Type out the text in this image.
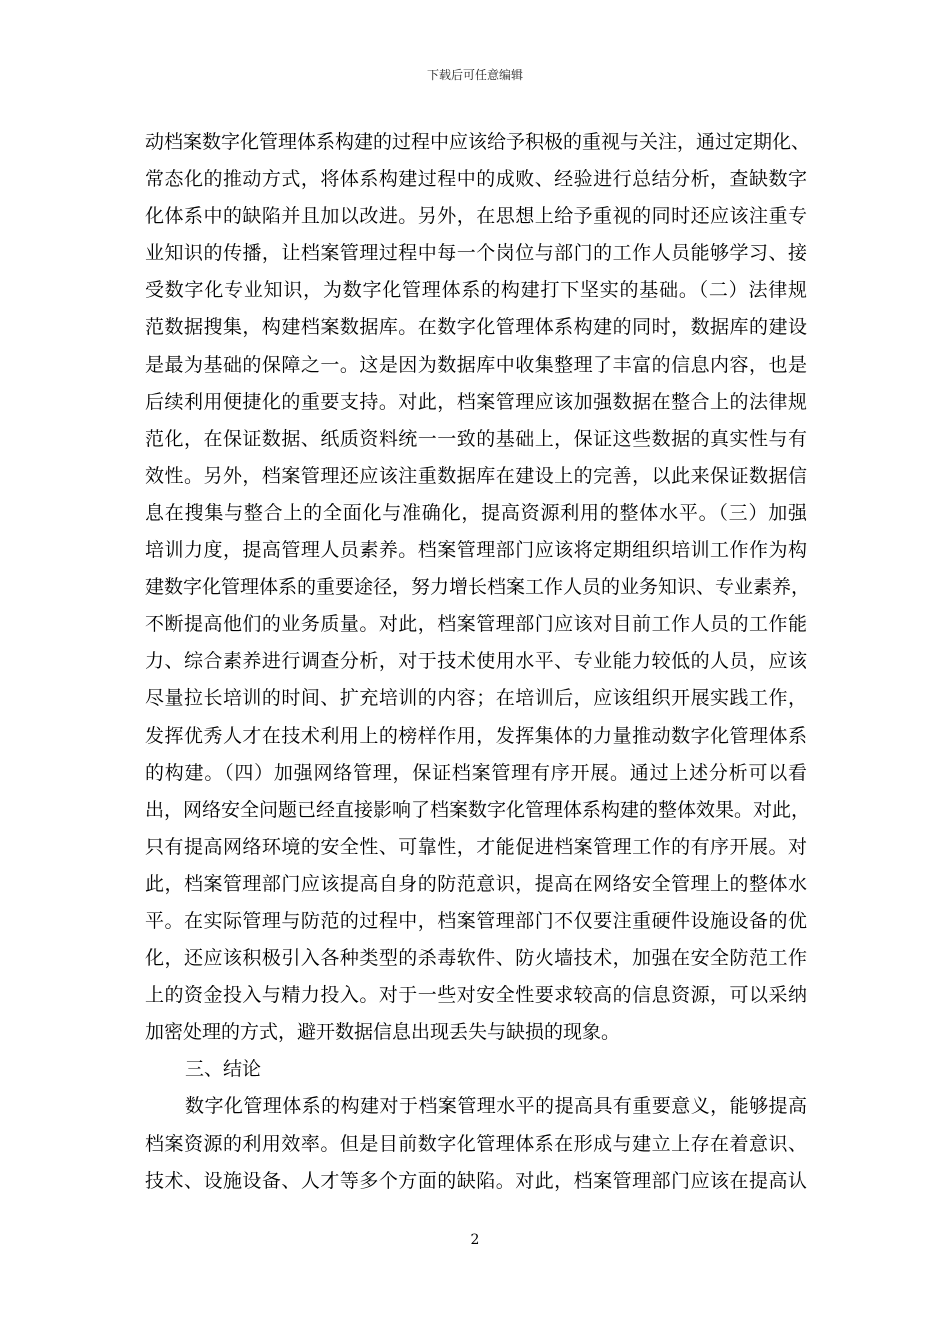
下载后可任意编辑
动档案数字化管理体系构建的过程中应该给予积极的重视与关注，通过定期化、
常态化的推动方式，将体系构建过程中的成败、经验进行总结分析，查缺数字
化体系中的缺陷并且加以改进。另外，在思想上给予重视的同时还应该注重专
业知识的传播，让档案管理过程中每一个岗位与部门的工作人员能够学习、接
受数字化专业知识，为数字化管理体系的构建打下坚实的基础。（二）法律规
范数据搜集，构建档案数据库。在数字化管理体系构建的同时，数据库的建设
是最为基础的保障之一。这是因为数据库中收集整理了丰富的信息内容，也是
后续利用便捷化的重要支持。对此，档案管理应该加强数据在整合上的法律规
范化，在保证数据、纸质资料统一一致的基础上，保证这些数据的真实性与有
效性。另外，档案管理还应该注重数据库在建设上的完善，以此来保证数据信
息在搜集与整合上的全面化与准确化，提高资源利用的整体水平。（三）加强
培训力度，提高管理人员素养。档案管理部门应该将定期组织培训工作作为构
建数字化管理体系的重要途径，努力增长档案工作人员的业务知识、专业素养，
不断提高他们的业务质量。对此，档案管理部门应该对目前工作人员的工作能
力、综合素养进行调查分析，对于技术使用水平、专业能力较低的人员，应该
尽量拉长培训的时间、扩充培训的内容；在培训后，应该组织开展实践工作，
发挥优秀人才在技术利用上的榜样作用，发挥集体的力量推动数字化管理体系
的构建。（四）加强网络管理，保证档案管理有序开展。通过上述分析可以看
出，网络安全问题已经直接影响了档案数字化管理体系构建的整体效果。对此，
只有提高网络环境的安全性、可靠性，才能促进档案管理工作的有序开展。对
此，档案管理部门应该提高自身的防范意识，提高在网络安全管理上的整体水
平。在实际管理与防范的过程中，档案管理部门不仅要注重硬件设施设备的优
化，还应该积极引入各种类型的杀毒软件、防火墙技术，加强在安全防范工作
上的资金投入与精力投入。对于一些对安全性要求较高的信息资源，可以采纳
加密处理的方式，避开数据信息出现丢失与缺损的现象。
三、结论
数字化管理体系的构建对于档案管理水平的提高具有重要意义，能够提高
档案资源的利用效率。但是目前数字化管理体系在形成与建立上存在着意识、
技术、设施设备、人才等多个方面的缺陷。对此，档案管理部门应该在提高认
2
